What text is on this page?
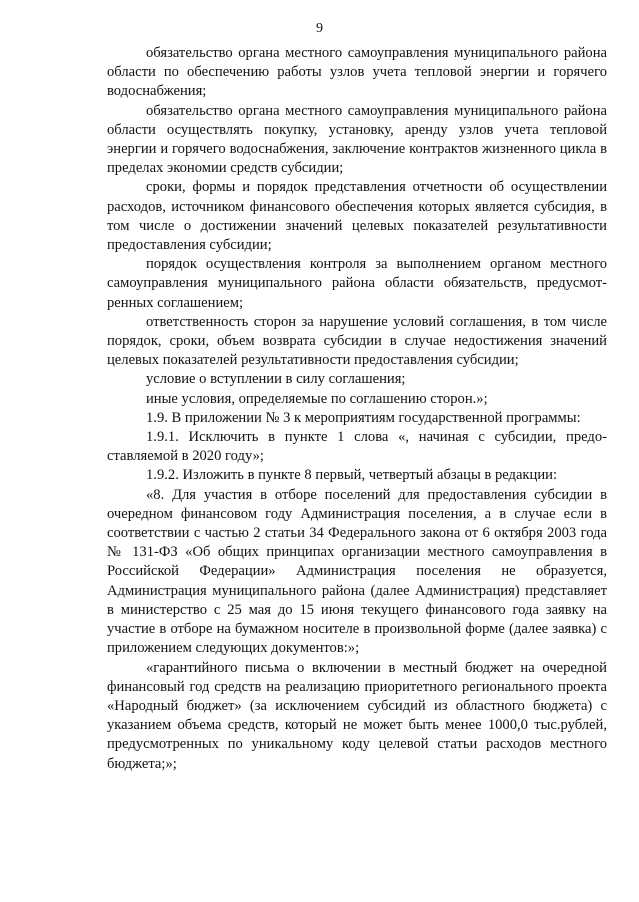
9

обязательство органа местного самоуправления муниципального района области по обеспечению работы узлов учета тепловой энергии и горячего водоснабжения;

обязательство органа местного самоуправления муниципального района области осуществлять покупку, установку, аренду узлов учета тепловой энергии и горячего водоснабжения, заключение контрактов жизненного цикла в пределах экономии средств субсидии;

сроки, формы и порядок представления отчетности об осуществлении расходов, источником финансового обеспечения которых является субсидия, в том числе о достижении значений целевых показателей результативности предоставления субсидии;

порядок осуществления контроля за выполнением органом местного самоуправления муниципального района области обязательств, предусмотренных соглашением;

ответственность сторон за нарушение условий соглашения, в том числе порядок, сроки, объем возврата субсидии в случае недостижения значений целевых показателей результативности предоставления субсидии;

условие о вступлении в силу соглашения;

иные условия, определяемые по соглашению сторон.»;

1.9. В приложении № 3 к мероприятиям государственной программы:

1.9.1. Исключить в пункте 1 слова «, начиная с субсидии, предоставляемой в 2020 году»;

1.9.2. Изложить в пункте 8 первый, четвертый абзацы в редакции:

«8. Для участия в отборе поселений для предоставления субсидии в очередном финансовом году Администрация поселения, а в случае если в соответствии с частью 2 статьи 34 Федерального закона от 6 октября 2003 года № 131-ФЗ «Об общих принципах организации местного самоуправления в Российской Федерации» Администрация поселения не образуется, Администрация муниципального района (далее Администрация) представляет в министерство с 25 мая до 15 июня текущего финансового года заявку на участие в отборе на бумажном носителе в произвольной форме (далее заявка) с приложением следующих документов:»;

«гарантийного письма о включении в местный бюджет на очередной финансовый год средств на реализацию приоритетного регионального проекта «Народный бюджет» (за исключением субсидий из областного бюджета) с указанием объема средств, который не может быть менее 1000,0 тыс.рублей, предусмотренных по уникальному коду целевой статьи расходов местного бюджета;»;
